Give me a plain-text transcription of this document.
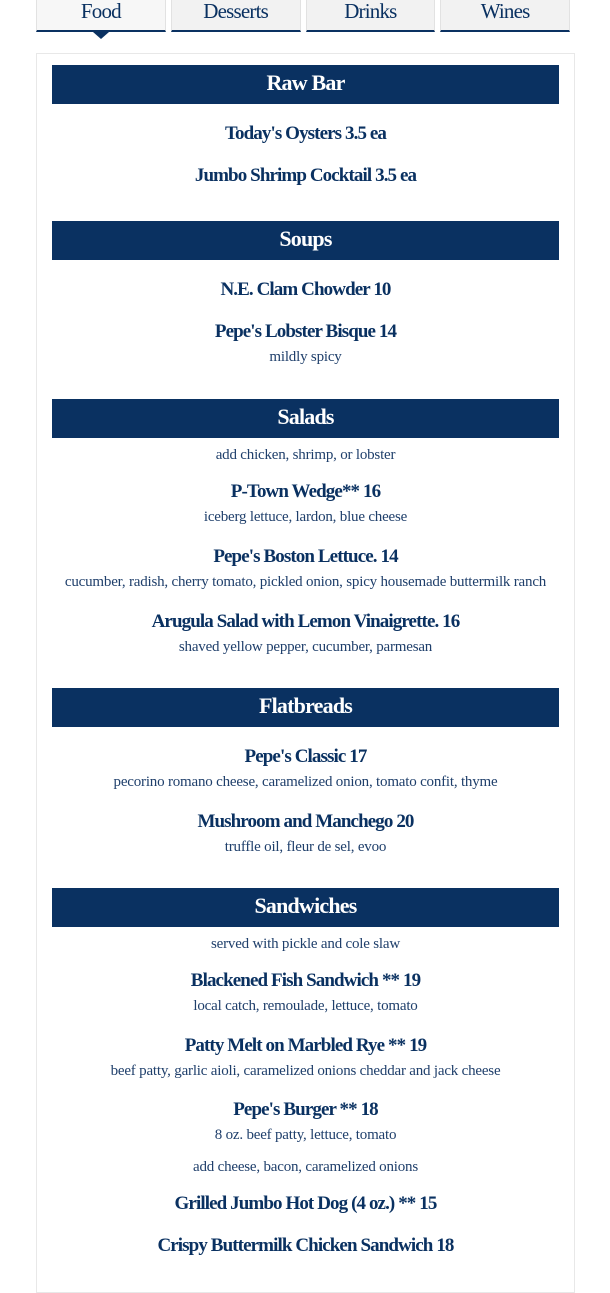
Food	Desserts	Drinks	Wines
Raw Bar
Today's Oysters 3.5 ea
Jumbo Shrimp Cocktail 3.5 ea
Soups
N.E. Clam Chowder 10
Pepe's Lobster Bisque 14
mildly spicy
Salads
add chicken, shrimp, or lobster
P-Town Wedge** 16
iceberg lettuce, lardon, blue cheese
Pepe's Boston Lettuce. 14
cucumber, radish, cherry tomato, pickled onion, spicy housemade buttermilk ranch
Arugula Salad with Lemon Vinaigrette. 16
shaved yellow pepper, cucumber, parmesan
Flatbreads
Pepe's Classic 17
pecorino romano cheese, caramelized onion, tomato confit, thyme
Mushroom and Manchego 20
truffle oil, fleur de sel, evoo
Sandwiches
served with pickle and cole slaw
Blackened Fish Sandwich ** 19
local catch, remoulade, lettuce, tomato
Patty Melt on Marbled Rye ** 19
beef patty, garlic aioli, caramelized onions cheddar and jack cheese
Pepe's Burger ** 18
8 oz. beef patty, lettuce, tomato
add cheese, bacon, caramelized onions
Grilled Jumbo Hot Dog (4 oz.) ** 15
Crispy Buttermilk Chicken Sandwich 18
